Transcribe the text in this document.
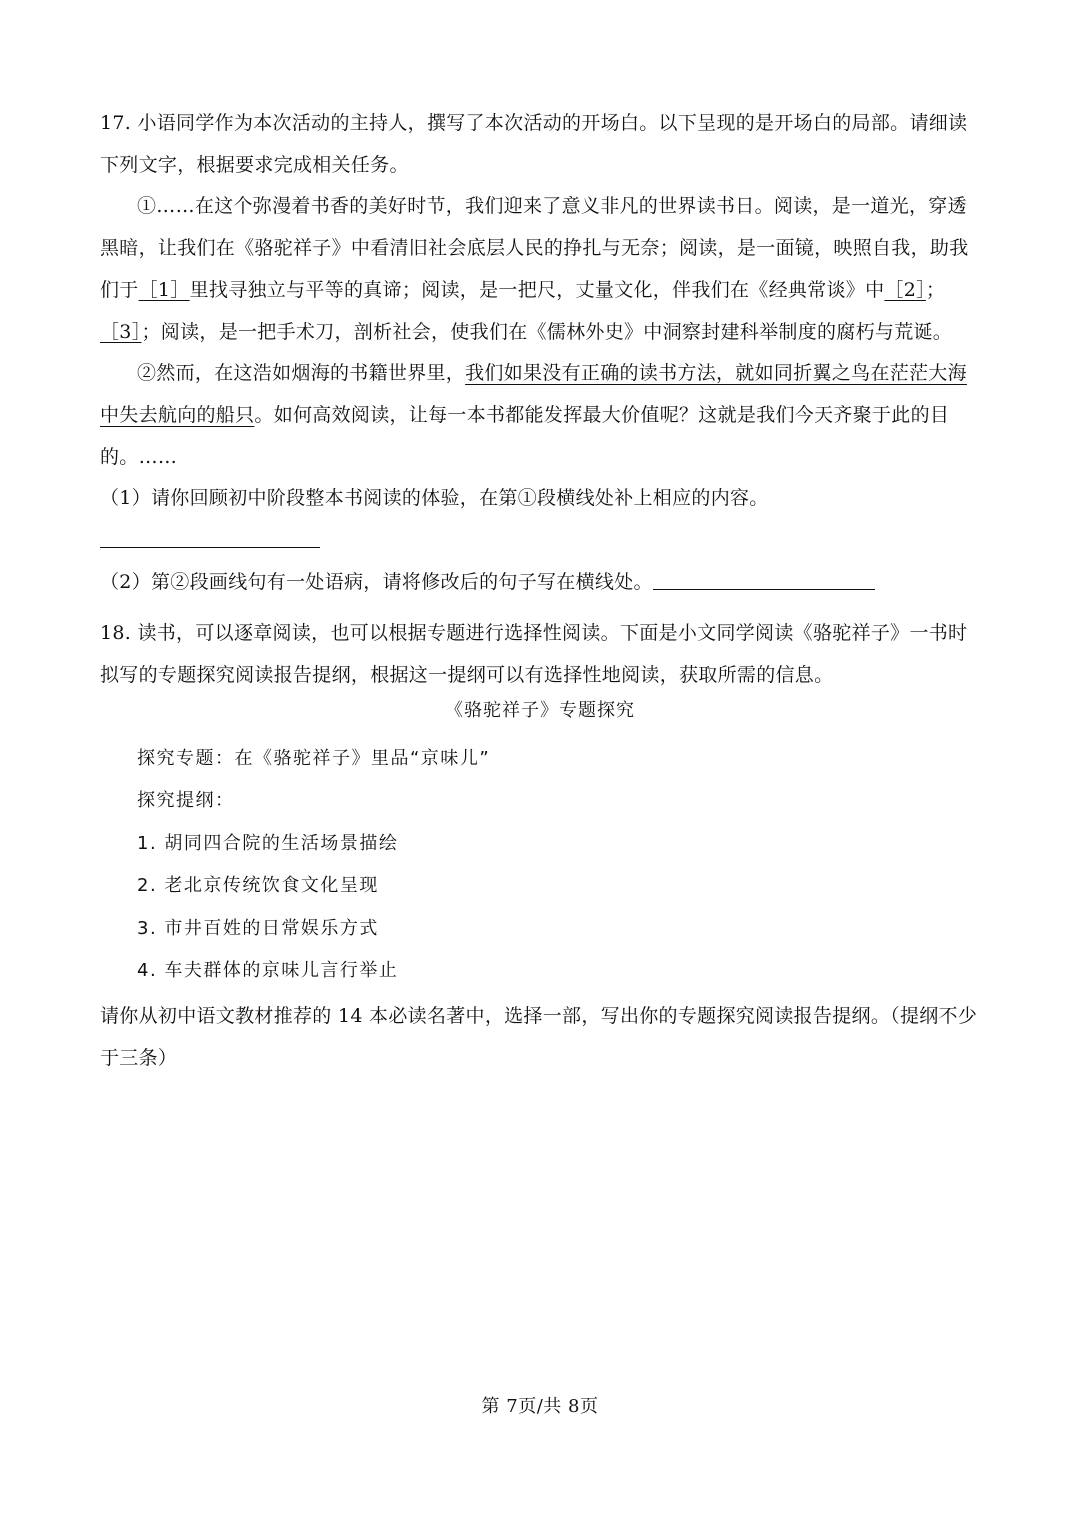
17. 小语同学作为本次活动的主持人，撰写了本次活动的开场白。以下呈现的是开场白的局部。请细读下列文字，根据要求完成相关任务。

①……在这个弥漫着书香的美好时节，我们迎来了意义非凡的世界读书日。阅读，是一道光，穿透黑暗，让我们在《骆驼祥子》中看清旧社会底层人民的挣扎与无奈；阅读，是一面镜，映照自我，助我们于［1］里找寻独立与平等的真谛；阅读，是一把尺，丈量文化，伴我们在《经典常谈》中［2］；［3］；阅读，是一把手术刀，剖析社会，使我们在《儒林外史》中洞察封建科举制度的腐朽与荒诞。

②然而，在这浩如烟海的书籍世界里，我们如果没有正确的读书方法，就如同折翼之鸟在茫茫大海中失去航向的船只。如何高效阅读，让每一本书都能发挥最大价值呢？这就是我们今天齐聚于此的目的。……

（1）请你回顾初中阶段整本书阅读的体验，在第①段横线处补上相应的内容。

（2）第②段画线句有一处语病，请将修改后的句子写在横线处。

18. 读书，可以逐章阅读，也可以根据专题进行选择性阅读。下面是小文同学阅读《骆驼祥子》一书时拟写的专题探究阅读报告提纲，根据这一提纲可以有选择性地阅读，获取所需的信息。

《骆驼祥子》专题探究

探究专题：在《骆驼祥子》里品“京味儿”

探究提纲：

1. 胡同四合院的生活场景描绘

2. 老北京传统饮食文化呈现

3. 市井百姓的日常娱乐方式

4. 车夫群体的京味儿言行举止

请你从初中语文教材推荐的 14 本必读名著中，选择一部，写出你的专题探究阅读报告提纲。（提纲不少于三条）
第 7页/共 8页
